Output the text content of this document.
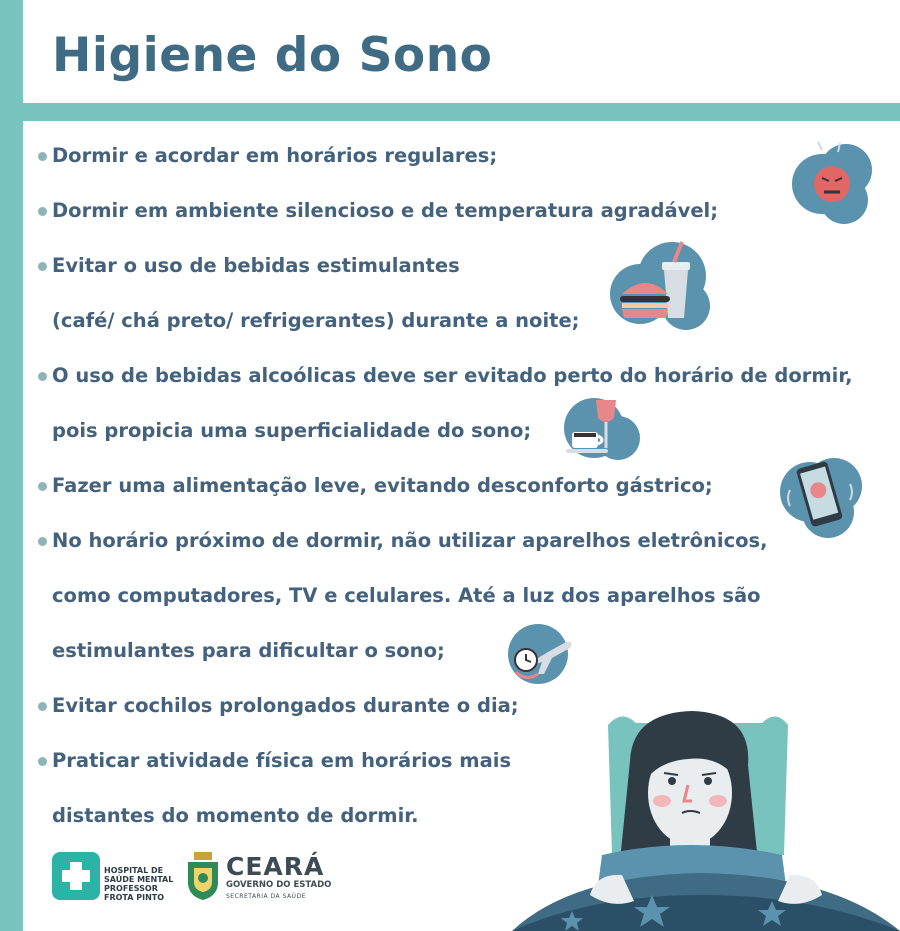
Higiene do Sono

Dormir e acordar em horários regulares;

Dormir em ambiente silencioso e de temperatura agradável;

Evitar o uso de bebidas estimulantes

(café/ chá preto/ refrigerantes) durante a noite;

O uso de bebidas alcoólicas deve ser evitado perto do horário de dormir,

pois propicia uma superficialidade do sono;

Fazer uma alimentação leve, evitando desconforto gástrico;

No horário próximo de dormir, não utilizar aparelhos eletrônicos,

como computadores, TV e celulares. Até a luz dos aparelhos são

estimulantes para dificultar o sono;

Evitar cochilos prolongados durante o dia;

Praticar atividade física em horários mais

distantes do momento de dormir.

HOSPITAL DE
SAÚDE MENTAL
PROFESSOR
FROTA PINTO
CEARÁ
GOVERNO DO ESTADO
SECRETARIA DA SAÚDE
